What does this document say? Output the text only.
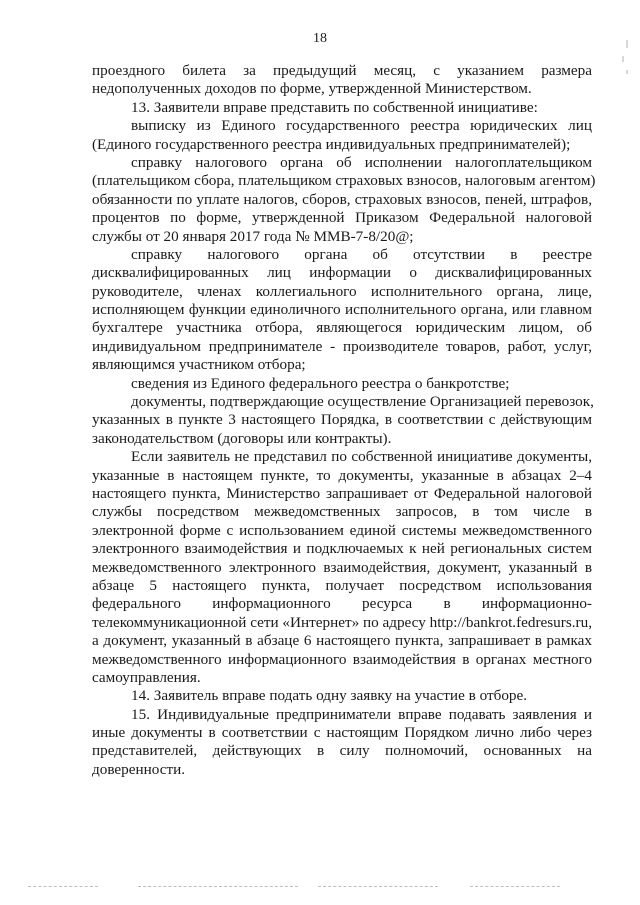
18
проездного билета за предыдущий месяц, с указанием размера
недополученных доходов по форме, утвержденной Министерством.
13. Заявители вправе представить по собственной инициативе:
выписку из Единого государственного реестра юридических лиц
(Единого государственного реестра индивидуальных предпринимателей);
справку налогового органа об исполнении налогоплательщиком
(плательщиком сбора, плательщиком страховых взносов, налоговым агентом)
обязанности по уплате налогов, сборов, страховых взносов, пеней, штрафов,
процентов по форме, утвержденной Приказом Федеральной налоговой
службы от 20 января 2017 года № ММВ-7-8/20@;
справку налогового органа об отсутствии в реестре
дисквалифицированных лиц информации о дисквалифицированных
руководителе, членах коллегиального исполнительного органа, лице,
исполняющем функции единоличного исполнительного органа, или главном
бухгалтере участника отбора, являющегося юридическим лицом, об
индивидуальном предпринимателе - производителе товаров, работ, услуг,
являющимся участником отбора;
сведения из Единого федерального реестра о банкротстве;
документы, подтверждающие осуществление Организацией перевозок,
указанных в пункте 3 настоящего Порядка, в соответствии с действующим
законодательством (договоры или контракты).
Если заявитель не представил по собственной инициативе документы,
указанные в настоящем пункте, то документы, указанные в абзацах 2–4
настоящего пункта, Министерство запрашивает от Федеральной налоговой
службы посредством межведомственных запросов, в том числе в
электронной форме с использованием единой системы межведомственного
электронного взаимодействия и подключаемых к ней региональных систем
межведомственного электронного взаимодействия, документ, указанный в
абзаце 5 настоящего пункта, получает посредством использования
федерального информационного ресурса в информационно-
телекоммуникационной сети «Интернет» по адресу http://bankrot.fedresurs.ru,
а документ, указанный в абзаце 6 настоящего пункта, запрашивает в рамках
межведомственного информационного взаимодействия в органах местного
самоуправления.
14. Заявитель вправе подать одну заявку на участие в отборе.
15. Индивидуальные предприниматели вправе подавать заявления и
иные документы в соответствии с настоящим Порядком лично либо через
представителей, действующих в силу полномочий, основанных на
доверенности.
